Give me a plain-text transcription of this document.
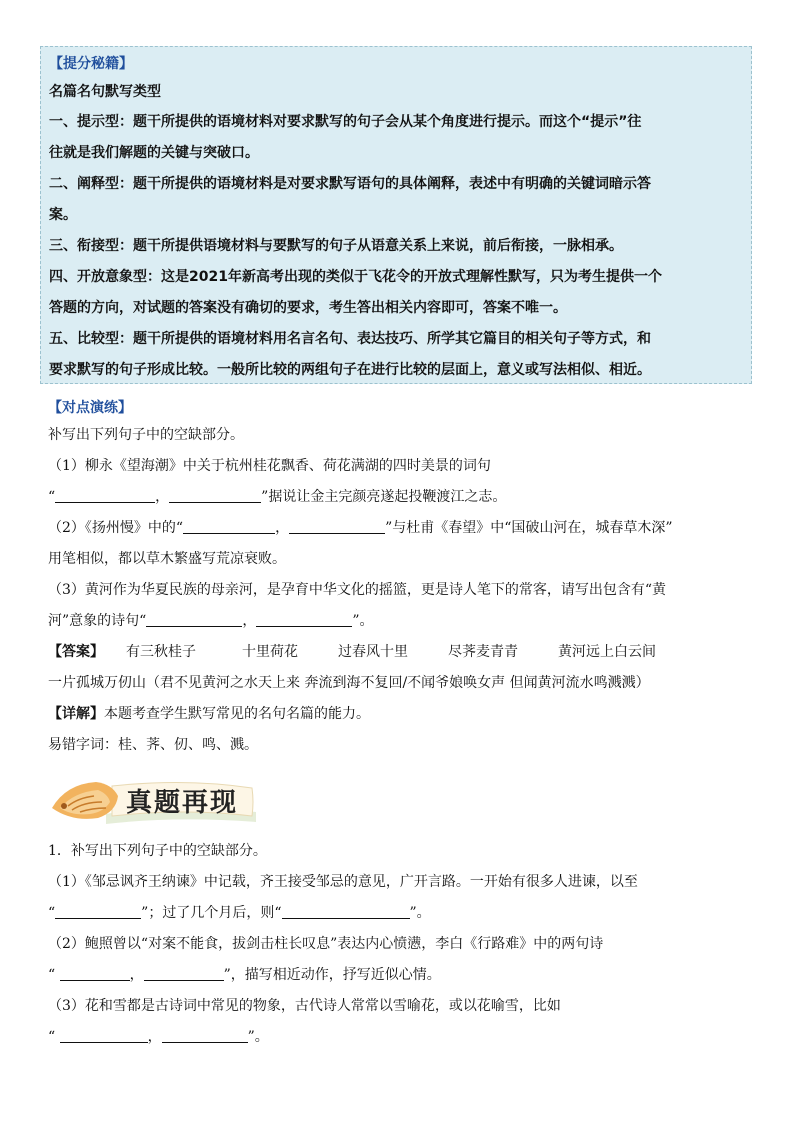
【提分秘籍】
名篇名句默写类型
一、提示型：题干所提供的语境材料对要求默写的句子会从某个角度进行提示。而这个“提示”往
往就是我们解题的关键与突破口。
二、阐释型：题干所提供的语境材料是对要求默写语句的具体阐释，表述中有明确的关键词暗示答
案。
三、衔接型：题干所提供语境材料与要默写的句子从语意关系上来说，前后衔接，一脉相承。
四、开放意象型：这是2021年新高考出现的类似于飞花令的开放式理解性默写，只为考生提供一个
答题的方向，对试题的答案没有确切的要求，考生答出相关内容即可，答案不唯一。
五、比较型：题干所提供的语境材料用名言名句、表达技巧、所学其它篇目的相关句子等方式，和
要求默写的句子形成比较。一般所比较的两组句子在进行比较的层面上，意义或写法相似、相近。
【对点演练】
补写出下列句子中的空缺部分。
（1）柳永《望海潮》中关于杭州桂花飘香、荷花满湖的四时美景的词句
“	，	”据说让金主完颜亮遂起投鞭渡江之志。
（2）《扬州慢》中的“	，	”与杜甫《春望》中“国破山河在，城春草木深”
用笔相似，都以草木繁盛写荒凉衰败。
（3）黄河作为华夏民族的母亲河，是孕育中华文化的摇篮，更是诗人笔下的常客，请写出包含有“黄
河”意象的诗句“	，	”。
【答案】 有三秋桂子	十里荷花	过春风十里	尽荠麦青青	黄河远上白云间
一片孤城万仞山（君不见黄河之水天上来 奔流到海不复回/不闻爷娘唤女声 但闻黄河流水鸣溅溅）
【详解】本题考查学生默写常见的名句名篇的能力。
易错字词：桂、荠、仞、鸣、溅。
真题再现
1．补写出下列句子中的空缺部分。
（1）《邹忌讽齐王纳谏》中记载，齐王接受邹忌的意见，广开言路。一开始有很多人进谏，以至
“	”；过了几个月后，则“	”。
（2）鲍照曾以“对案不能食，拔剑击柱长叹息”表达内心愤懑，李白《行路难》中的两句诗
“	，	”，描写相近动作，抒写近似心情。
（3）花和雪都是古诗词中常见的物象，古代诗人常常以雪喻花，或以花喻雪，比如
“	，	”。
